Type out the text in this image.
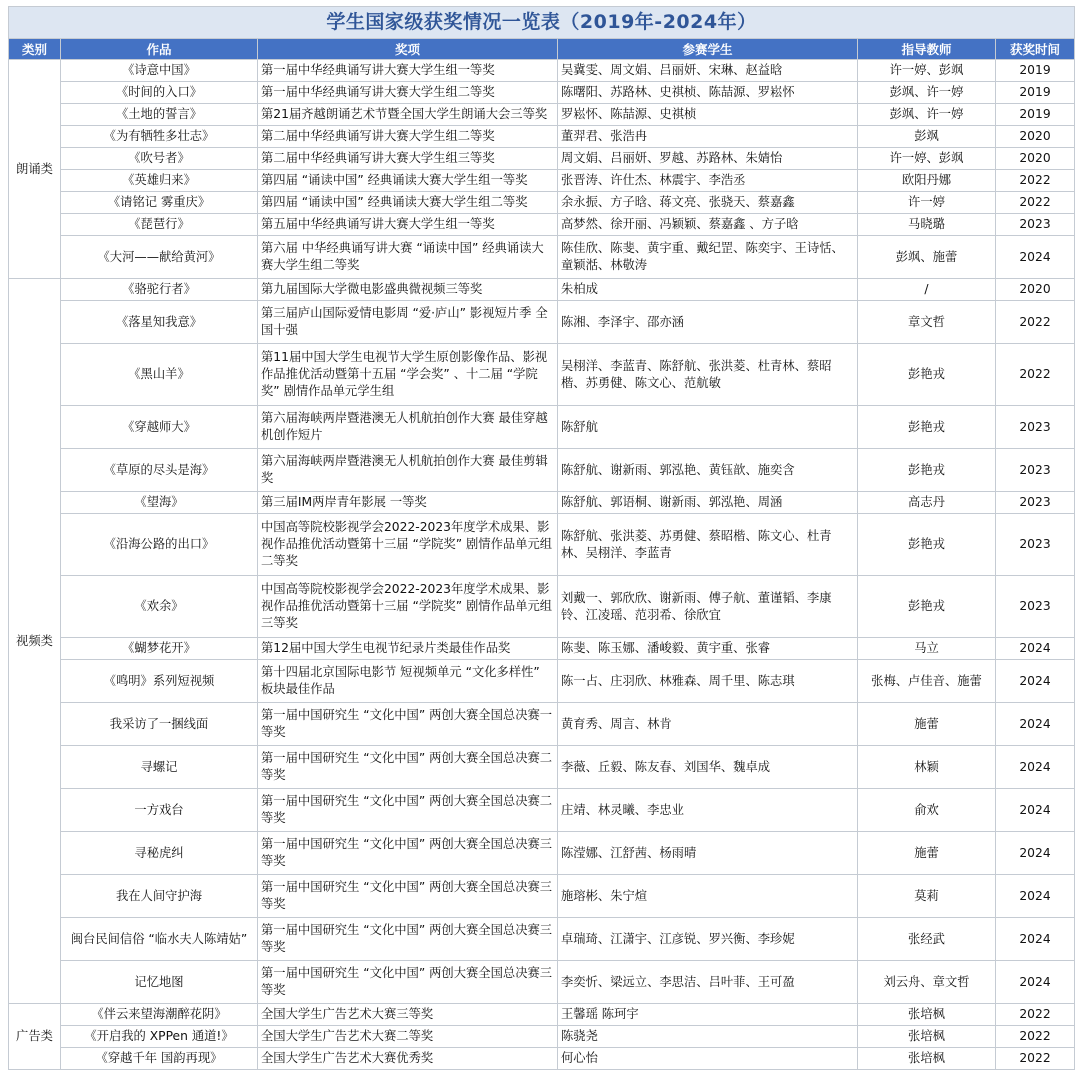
学生国家级获奖情况一览表（2019年-2024年）					
类别	作品	奖项	参赛学生	指导教师	获奖时间
朗诵类	《诗意中国》	第一届中华经典诵写讲大赛大学生组一等奖	吴冀雯、周文娟、吕丽妍、宋琳、赵益晗	许一婷、彭飒	2019
	《时间的入口》	第一届中华经典诵写讲大赛大学生组二等奖	陈曙阳、苏路林、史祺桢、陈喆源、罗崧怀	彭飒、许一婷	2019
	《土地的誓言》	第21届齐越朗诵艺术节暨全国大学生朗诵大会三等奖	罗崧怀、陈喆源、史祺桢	彭飒、许一婷	2019
	《为有牺牲多壮志》	第二届中华经典诵写讲大赛大学生组二等奖	董羿君、张浩冉	彭飒	2020
	《吹号者》	第二届中华经典诵写讲大赛大学生组三等奖	周文娟、吕丽妍、罗越、苏路林、朱婧怡	许一婷、彭飒	2020
	《英雄归来》	第四届 “诵读中国” 经典诵读大赛大学生组一等奖	张晋涛、许仕杰、林震宇、李浩丞	欧阳丹娜	2022
	《请铭记 雾重庆》	第四届 “诵读中国” 经典诵读大赛大学生组二等奖	余永振、方子晗、蒋文亮、张骁天、蔡嘉鑫	许一婷	2022
	《琵琶行》	第五届中华经典诵写讲大赛大学生组一等奖	高梦然、徐开丽、冯颖颖、蔡嘉鑫 、方子晗	马晓璐	2023
	《大河——献给黄河》	第六届 中华经典诵写讲大赛 “诵读中国” 经典诵读大赛大学生组二等奖	陈佳欣、陈斐、黄宇重、戴纪罡、陈奕宇、王诗恬、童颖湉、林敬涛	彭飒、施蕾	2024
视频类	《骆驼行者》	第九届国际大学微电影盛典微视频三等奖	朱柏成	/	2020
	《落星知我意》	第三届庐山国际爱情电影周 “爱·庐山” 影视短片季 全国十强	陈湘、李泽宇、邵亦涵	章文哲	2022
	《黑山羊》	第11届中国大学生电视节大学生原创影像作品、影视作品推优活动暨第十五届 “学会奖” 、十二届 “学院奖” 剧情作品单元学生组	吴栩洋、李蓝青、陈舒航、张洪菱、杜青林、蔡昭楷、苏勇健、陈文心、范航敏	彭艳戎	2022
	《穿越师大》	第六届海峡两岸暨港澳无人机航拍创作大赛 最佳穿越机创作短片	陈舒航	彭艳戎	2023
	《草原的尽头是海》	第六届海峡两岸暨港澳无人机航拍创作大赛 最佳剪辑奖	陈舒航、谢新雨、郭泓艳、黄钰歆、施奕含	彭艳戎	2023
	《望海》	第三届IM两岸青年影展 一等奖	陈舒航、郭语桐、谢新雨、郭泓艳、周涵	高志丹	2023
	《沿海公路的出口》	中国高等院校影视学会2022-2023年度学术成果、影视作品推优活动暨第十三届 “学院奖” 剧情作品单元组二等奖	陈舒航、张洪菱、苏勇健、蔡昭楷、陈文心、杜青林、吴栩洋、李蓝青	彭艳戎	2023
	《欢余》	中国高等院校影视学会2022-2023年度学术成果、影视作品推优活动暨第十三届 “学院奖” 剧情作品单元组三等奖	刘戴一、郭欣欣、谢新雨、傅子航、董谨韬、李康铃、江凌瑶、范羽希、徐欣宜	彭艳戎	2023
	《蝴梦花开》	第12届中国大学生电视节纪录片类最佳作品奖	陈斐、陈玉娜、潘峻毅、黄宇重、张睿	马立	2024
	《鸣明》系列短视频	第十四届北京国际电影节 短视频单元 “文化多样性” 板块最佳作品	陈一占、庄羽欣、林雅森、周千里、陈志琪	张梅、卢佳音、施蕾	2024
	我采访了一捆线面	第一届中国研究生 “文化中国” 两创大赛全国总决赛一等奖	黄育秀、周言、林肯	施蕾	2024
	寻螺记	第一届中国研究生 “文化中国” 两创大赛全国总决赛二等奖	李薇、丘毅、陈友春、刘国华、魏卓成	林颖	2024
	一方戏台	第一届中国研究生 “文化中国” 两创大赛全国总决赛二等奖	庄靖、林灵曦、李忠业	俞欢	2024
	寻秘虎纠	第一届中国研究生 “文化中国” 两创大赛全国总决赛三等奖	陈滢娜、江舒茜、杨雨晴	施蕾	2024
	我在人间守护海	第一届中国研究生 “文化中国” 两创大赛全国总决赛三等奖	施瑢彬、朱宁煊	莫莉	2024
	闽台民间信俗 “临水夫人陈靖姑”	第一届中国研究生 “文化中国” 两创大赛全国总决赛三等奖	卓瑞琦、江潇宇、江彦锐、罗兴衡、李珍妮	张经武	2024
	记忆地图	第一届中国研究生 “文化中国” 两创大赛全国总决赛三等奖	李奕忻、梁远立、李思洁、吕叶菲、王可盈	刘云舟、章文哲	2024
广告类	《伴云来望海潮醉花阴》	全国大学生广告艺术大赛三等奖	王馨瑶 陈珂宇	张培枫	2022
	《开启我的 XPPen 通道!》	全国大学生广告艺术大赛二等奖	陈骁尧	张培枫	2022
	《穿越千年 国韵再现》	全国大学生广告艺术大赛优秀奖	何心怡	张培枫	2022
